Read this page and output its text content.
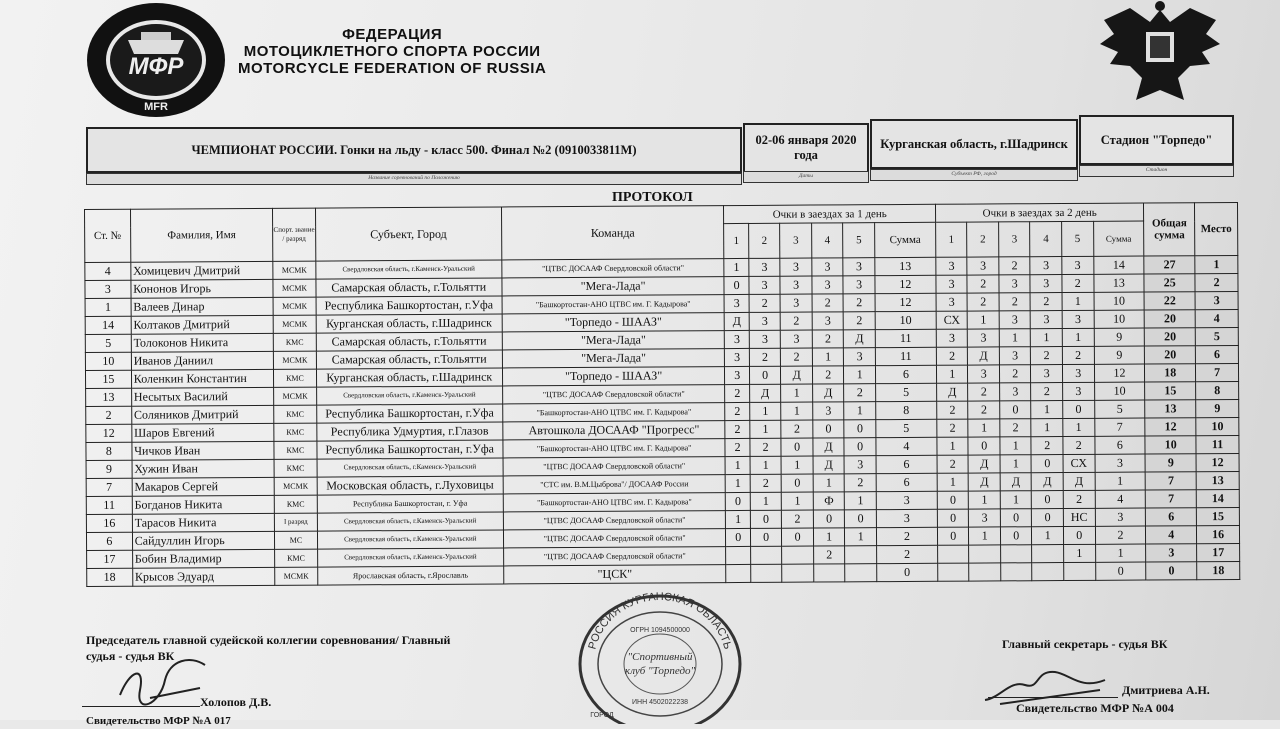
МФР
MFR
ФЕДЕРАЦИЯ
МОТОЦИКЛЕТНОГО СПОРТА РОССИИ
MOTORCYCLE FEDERATION OF RUSSIA
ЧЕМПИОНАТ РОССИИ. Гонки на льду - класс 500. Финал №2 (0910033811М)
02-06 января 2020 года
Курганская область, г.Шадринск	Стадион "Торпедо"
Название соревнований по Положению	Даты	Субъект РФ, город
Стадион
ПРОТОКОЛ
Ст. №	Фамилия, Имя	Спорт. звание / разряд	Субъект, Город	Команда	Очки в заездах за 1 день						Очки в заездах за 2 день						Общая сумма	Место
					1	2	3	4	5	Сумма	1	2	3	4	5	Сумма		
4	Хомицевич Дмитрий	МСМК	Свердловская область, г.Каменск-Уральский	"ЦТВС ДОСААФ Свердловской области"	1	3	3	3	3	13	3	3	2	3	3	14	27	1
3	Кононов Игорь	МСМК	Самарская область, г.Тольятти	"Мега-Лада"	0	3	3	3	3	12	3	2	3	3	2	13	25	2
1	Валеев Динар	МСМК	Республика Башкортостан, г.Уфа	"Башкортостан-АНО ЦТВС им. Г. Кадырова"	3	2	3	2	2	12	3	2	2	2	1	10	22	3
14	Колтаков Дмитрий	МСМК	Курганская область, г.Шадринск	"Торпедо - ШААЗ"	Д	3	2	3	2	10	СХ	1	3	3	3	10	20	4
5	Толоконов Никита	КМС	Самарская область, г.Тольятти	"Мега-Лада"	3	3	3	2	Д	11	3	3	1	1	1	9	20	5
10	Иванов Даниил	МСМК	Самарская область, г.Тольятти	"Мега-Лада"	3	2	2	1	3	11	2	Д	3	2	2	9	20	6
15	Коленкин Константин	КМС	Курганская область, г.Шадринск	"Торпедо - ШААЗ"	3	0	Д	2	1	6	1	3	2	3	3	12	18	7
13	Несытых Василий	МСМК	Свердловская область, г.Каменск-Уральский	"ЦТВС ДОСААФ Свердловской области"	2	Д	1	Д	2	5	Д	2	3	2	3	10	15	8
2	Соляников Дмитрий	КМС	Республика Башкортостан, г.Уфа	"Башкортостан-АНО ЦТВС им. Г. Кадырова"	2	1	1	3	1	8	2	2	0	1	0	5	13	9
12	Шаров Евгений	КМС	Республика Удмуртия, г.Глазов	Автошкола ДОСААФ "Прогресс"	2	1	2	0	0	5	2	1	2	1	1	7	12	10
8	Чичков Иван	КМС	Республика Башкортостан, г.Уфа	"Башкортостан-АНО ЦТВС им. Г. Кадырова"	2	2	0	Д	0	4	1	0	1	2	2	6	10	11
9	Хужин Иван	КМС	Свердловская область, г.Каменск-Уральский	"ЦТВС ДОСААФ Свердловской области"	1	1	1	Д	3	6	2	Д	1	0	СХ	3	9	12
7	Макаров Сергей	МСМК	Московская область, г.Луховицы	"СТС им. В.М.Цыброва"/ ДОСААФ России	1	2	0	1	2	6	1	Д	Д	Д	Д	1	7	13
11	Богданов Никита	КМС	Республика Башкортостан, г. Уфа	"Башкортостан-АНО ЦТВС им. Г. Кадырова"	0	1	1	Ф	1	3	0	1	1	0	2	4	7	14
16	Тарасов Никита	I разряд	Свердловская область, г.Каменск-Уральский	"ЦТВС ДОСААФ Свердловской области"	1	0	2	0	0	3	0	3	0	0	НС	3	6	15
6	Сайдуллин Игорь	МС	Свердловская область, г.Каменск-Уральский	"ЦТВС ДОСААФ Свердловской области"	0	0	0	1	1	2	0	1	0	1	0	2	4	16
17	Бобин Владимир	КМС	Свердловская область, г.Каменск-Уральский	"ЦТВС ДОСААФ Свердловской области"				2		2					1	1	3	17
18	Крысов Эдуард	МСМК	Ярославская область, г.Ярославль	"ЦСК"						0						0	0	18
РОССИЯ КУРГАНСКАЯ ОБЛАСТЬ
"Спортивный
клуб "Торпедо"
ОГРН 1094500000
ИНН 4502022238
ГОРОД
Председатель главной судейской коллегии соревнования/ Главный
судья - судья ВК
Холопов Д.В.
Свидетельство МФР №А 017
Главный секретарь - судья ВК
Дмитриева А.Н.
Свидетельство МФР №А 004
